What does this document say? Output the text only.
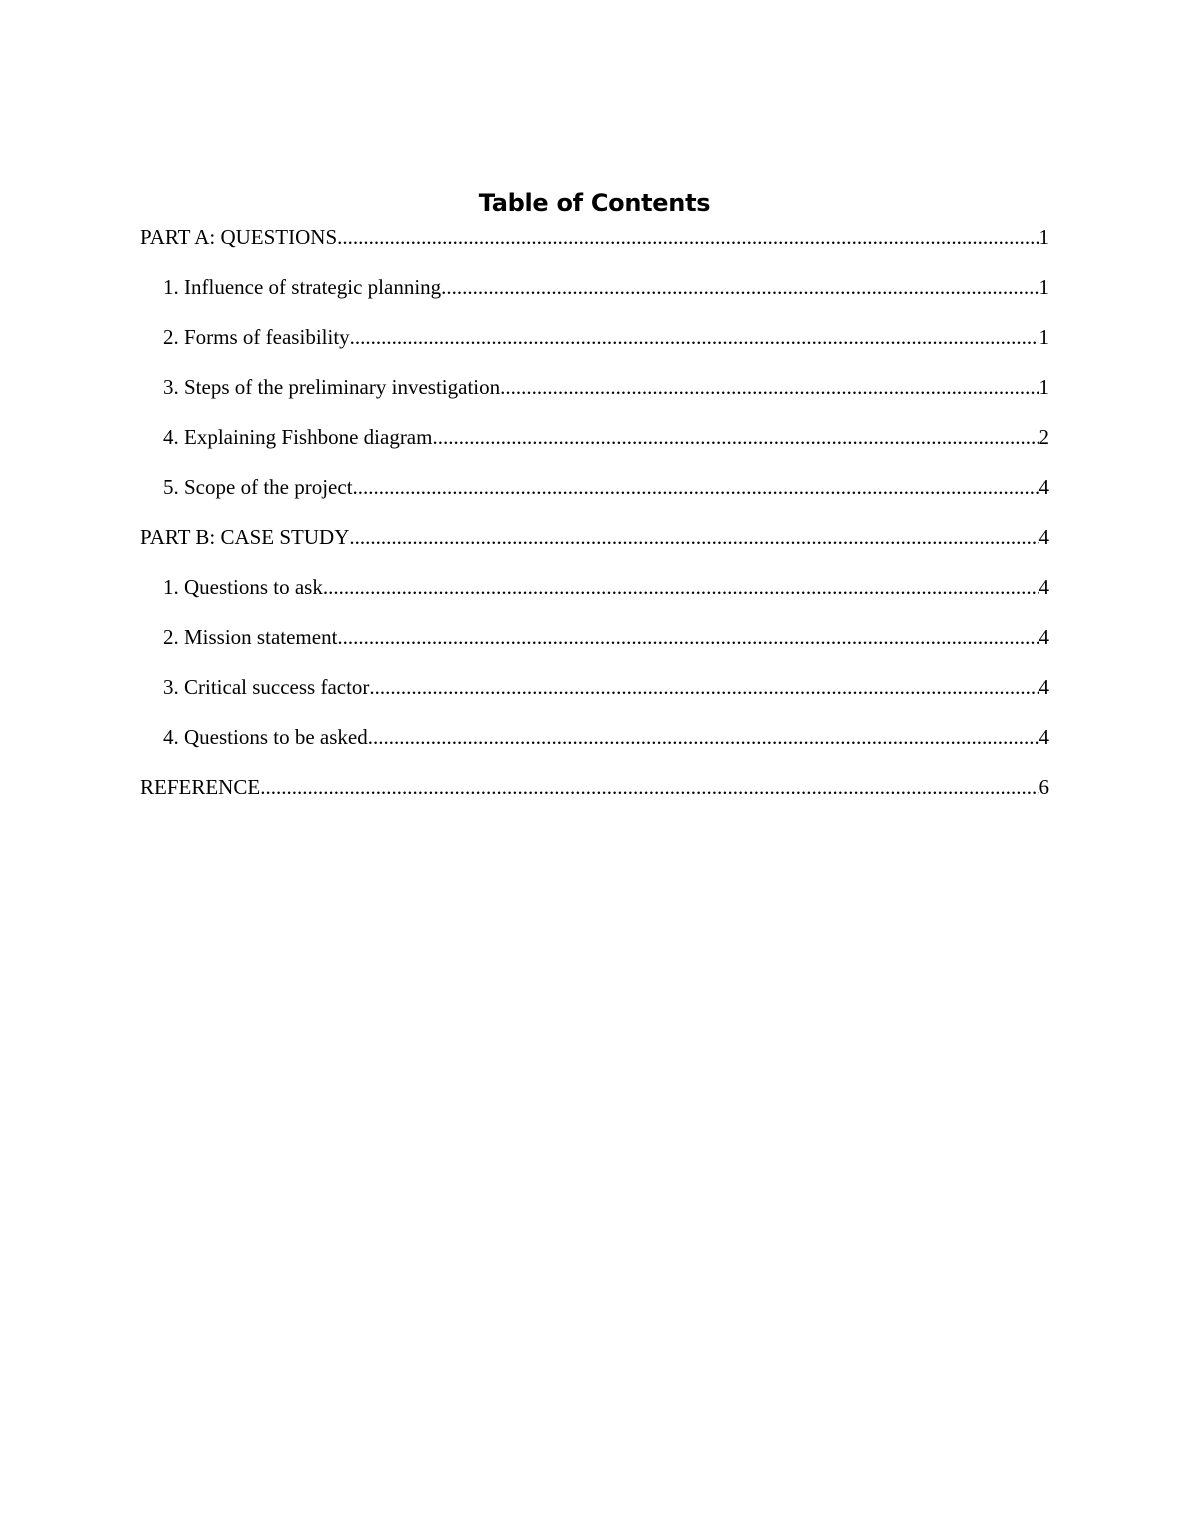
Table of Contents
PART A: QUESTIONS .....	1
1. Influence of strategic planning .....	1
2. Forms of feasibility .....	1
3. Steps of the preliminary investigation .....	1
4. Explaining Fishbone diagram .....	2
5. Scope of the project .....	4
PART B: CASE STUDY .....	4
1. Questions to ask .....	4
2. Mission statement .....	4
3. Critical success factor .....	4
4. Questions to be asked .....	4
REFERENCE .....	6
